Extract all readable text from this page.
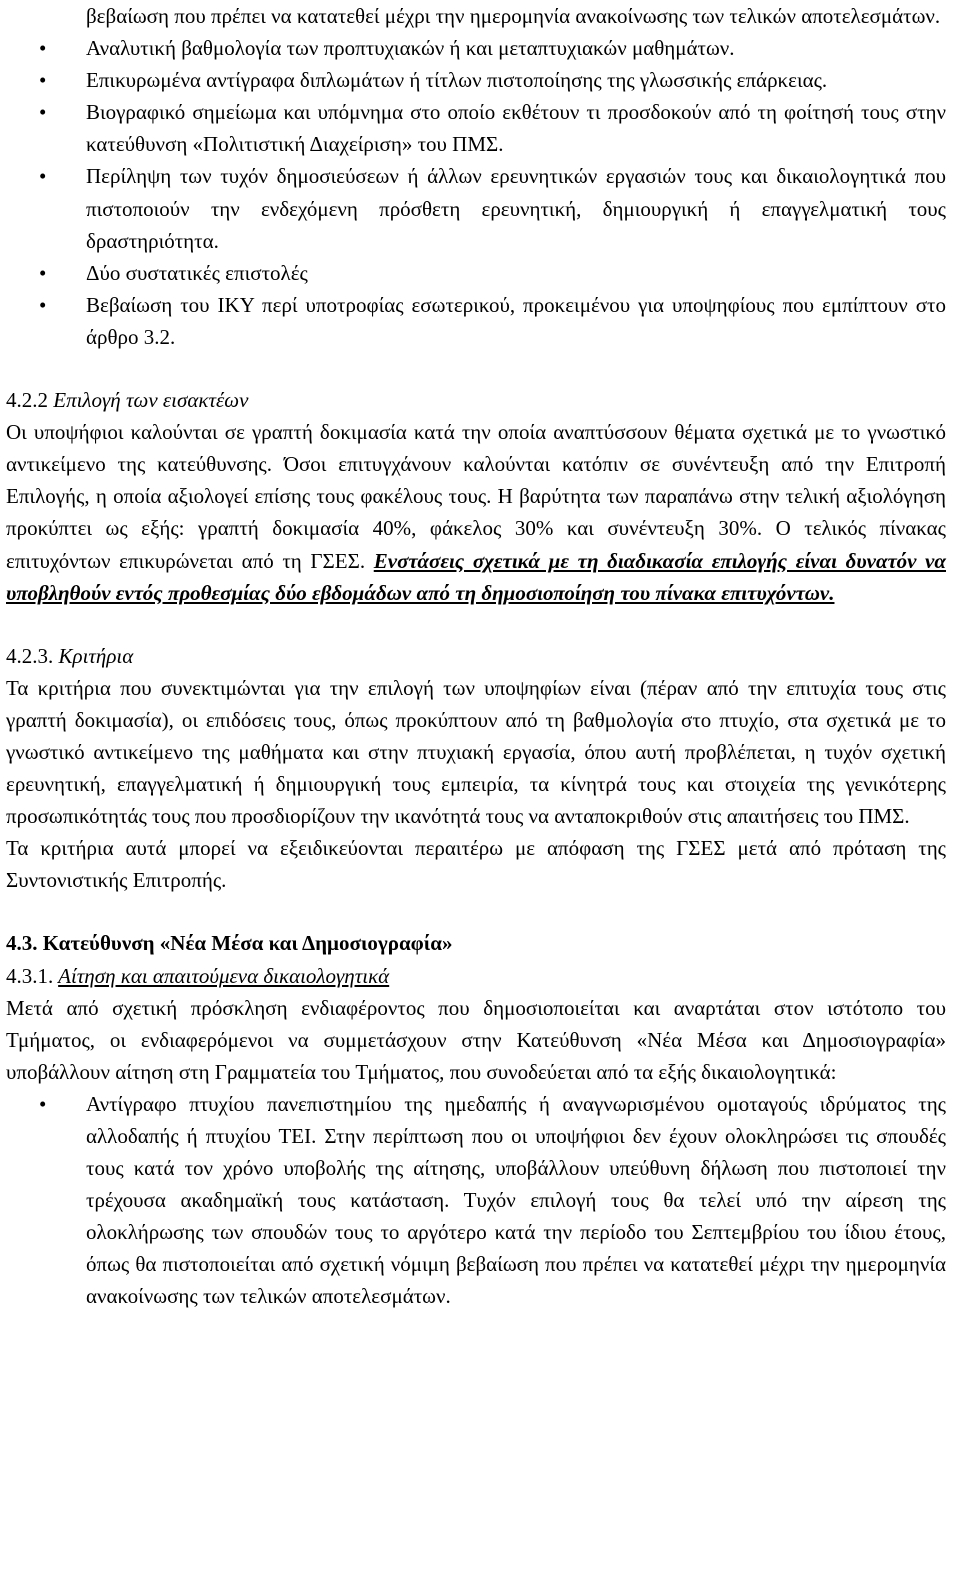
βεβαίωση που πρέπει να κατατεθεί μέχρι την ημερομηνία ανακοίνωσης των τελικών αποτελεσμάτων.
• Αναλυτική βαθμολογία των προπτυχιακών ή και μεταπτυχιακών μαθημάτων.
• Επικυρωμένα αντίγραφα διπλωμάτων ή τίτλων πιστοποίησης της γλωσσικής επάρκειας.
• Βιογραφικό σημείωμα και υπόμνημα στο οποίο εκθέτουν τι προσδοκούν από τη φοίτησή τους στην κατεύθυνση «Πολιτιστική Διαχείριση» του ΠΜΣ.
• Περίληψη των τυχόν δημοσιεύσεων ή άλλων ερευνητικών εργασιών τους και δικαιολογητικά που πιστοποιούν την ενδεχόμενη πρόσθετη ερευνητική, δημιουργική ή επαγγελματική τους δραστηριότητα.
• Δύο συστατικές επιστολές
• Βεβαίωση του ΙΚΥ περί υποτροφίας εσωτερικού, προκειμένου για υποψηφίους που εμπίπτουν στο άρθρο 3.2.

4.2.2 Επιλογή των εισακτέων

Οι υποψήφιοι καλούνται σε γραπτή δοκιμασία κατά την οποία αναπτύσσουν θέματα σχετικά με το γνωστικό αντικείμενο της κατεύθυνσης. Όσοι επιτυγχάνουν καλούνται κατόπιν σε συνέντευξη από την Επιτροπή Επιλογής, η οποία αξιολογεί επίσης τους φακέλους τους. Η βαρύτητα των παραπάνω στην τελική αξιολόγηση προκύπτει ως εξής: γραπτή δοκιμασία 40%, φάκελος 30% και συνέντευξη 30%. Ο τελικός πίνακας επιτυχόντων επικυρώνεται από τη ΓΣΕΣ. Ενστάσεις σχετικά με τη διαδικασία επιλογής είναι δυνατόν να υποβληθούν εντός προθεσμίας δύο εβδομάδων από τη δημοσιοποίηση του πίνακα επιτυχόντων.

4.2.3. Κριτήρια

Τα κριτήρια που συνεκτιμώνται για την επιλογή των υποψηφίων είναι (πέραν από την επιτυχία τους στις γραπτή δοκιμασία), οι επιδόσεις τους, όπως προκύπτουν από τη βαθμολογία στο πτυχίο, στα σχετικά με το γνωστικό αντικείμενο της μαθήματα και στην πτυχιακή εργασία, όπου αυτή προβλέπεται, η τυχόν σχετική ερευνητική, επαγγελματική ή δημιουργική τους εμπειρία, τα κίνητρά τους και στοιχεία της γενικότερης προσωπικότητάς τους που προσδιορίζουν την ικανότητά τους να ανταποκριθούν στις απαιτήσεις του ΠΜΣ.

Τα κριτήρια αυτά μπορεί να εξειδικεύονται περαιτέρω με απόφαση της ΓΣΕΣ μετά από πρόταση της Συντονιστικής Επιτροπής.

4.3. Κατεύθυνση «Νέα Μέσα και Δημοσιογραφία»

4.3.1. Αίτηση και απαιτούμενα δικαιολογητικά

Μετά από σχετική πρόσκληση ενδιαφέροντος που δημοσιοποιείται και αναρτάται στον ιστότοπο του Τμήματος, οι ενδιαφερόμενοι να συμμετάσχουν στην Κατεύθυνση «Νέα Μέσα και Δημοσιογραφία» υποβάλλουν αίτηση στη Γραμματεία του Τμήματος, που συνοδεύεται από τα εξής δικαιολογητικά:

• Αντίγραφο πτυχίου πανεπιστημίου της ημεδαπής ή αναγνωρισμένου ομοταγούς ιδρύματος της αλλοδαπής ή πτυχίου ΤΕΙ. Στην περίπτωση που οι υποψήφιοι δεν έχουν ολοκληρώσει τις σπουδές τους κατά τον χρόνο υποβολής της αίτησης, υποβάλλουν υπεύθυνη δήλωση που πιστοποιεί την τρέχουσα ακαδημαϊκή τους κατάσταση. Τυχόν επιλογή τους θα τελεί υπό την αίρεση της ολοκλήρωσης των σπουδών τους το αργότερο κατά την περίοδο του Σεπτεμβρίου του ίδιου έτους, όπως θα πιστοποιείται από σχετική νόμιμη βεβαίωση που πρέπει να κατατεθεί μέχρι την ημερομηνία ανακοίνωσης των τελικών αποτελεσμάτων.
